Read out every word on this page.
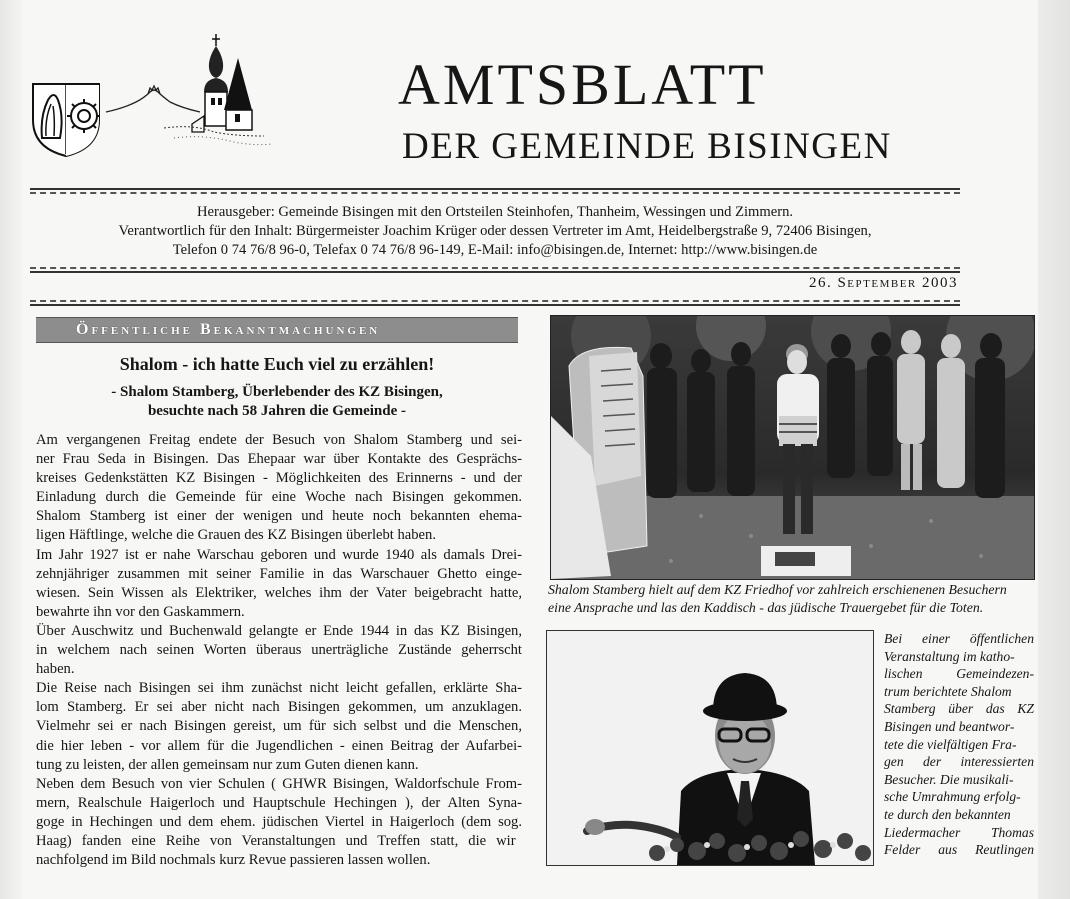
AMTSBLATT
DER GEMEINDE BISINGEN
Herausgeber: Gemeinde Bisingen mit den Ortsteilen Steinhofen, Thanheim, Wessingen und Zimmern.
Verantwortlich für den Inhalt: Bürgermeister Joachim Krüger oder dessen Vertreter im Amt, Heidelbergstraße 9, 72406 Bisingen,
Telefon 0 74 76/8 96-0, Telefax 0 74 76/8 96-149, E-Mail: info@bisingen.de, Internet: http://www.bisingen.de
26. September 2003
Öffentliche Bekanntmachungen
Shalom - ich hatte Euch viel zu erzählen!
- Shalom Stamberg, Überlebender des KZ Bisingen,
besuchte nach 58 Jahren die Gemeinde -
Am vergangenen Freitag endete der Besuch von Shalom Stamberg und sei-
ner Frau Seda in Bisingen. Das Ehepaar war über Kontakte des Gesprächs-
kreises Gedenkstätten KZ Bisingen - Möglichkeiten des Erinnerns - und der
Einladung durch die Gemeinde für eine Woche nach Bisingen gekommen.
Shalom Stamberg ist einer der wenigen und heute noch bekannten ehema-
ligen Häftlinge, welche die Grauen des KZ Bisingen überlebt haben.
Im Jahr 1927 ist er nahe Warschau geboren und wurde 1940 als damals Drei-
zehnjähriger zusammen mit seiner Familie in das Warschauer Ghetto einge-
wiesen. Sein Wissen als Elektriker, welches ihm der Vater beigebracht hatte,
bewahrte ihn vor den Gaskammern.
Über Auschwitz und Buchenwald gelangte er Ende 1944 in das KZ Bisingen,
in welchem nach seinen Worten überaus unerträgliche Zustände geherrscht
haben.
Die Reise nach Bisingen sei ihm zunächst nicht leicht gefallen, erklärte Sha-
lom Stamberg. Er sei aber nicht nach Bisingen gekommen, um anzuklagen.
Vielmehr sei er nach Bisingen gereist, um für sich selbst und die Menschen,
die hier leben - vor allem für die Jugendlichen - einen Beitrag der Aufarbei-
tung zu leisten, der allen gemeinsam nur zum Guten dienen kann.
Neben dem Besuch von vier Schulen ( GHWR Bisingen, Waldorfschule From-
mern, Realschule Haigerloch und Hauptschule Hechingen ), der Alten Syna-
goge in Hechingen und dem ehem. jüdischen Viertel in Haigerloch (dem sog.
Haag) fanden eine Reihe von Veranstaltungen und Treffen statt, die wir
nachfolgend im Bild nochmals kurz Revue passieren lassen wollen.
Shalom Stamberg hielt auf dem KZ Friedhof vor zahlreich erschienenen Besuchern
eine Ansprache und las den Kaddisch - das jüdische Trauergebet für die Toten.
Bei einer öffentlichen
Veranstaltung im katho-
lischen Gemeindezen-
trum berichtete Shalom
Stamberg über das KZ
Bisingen und beantwor-
tete die vielfältigen Fra-
gen der interessierten
Besucher. Die musikali-
sche Umrahmung erfolg-
te durch den bekannten
Liedermacher Thomas
Felder aus Reutlingen
